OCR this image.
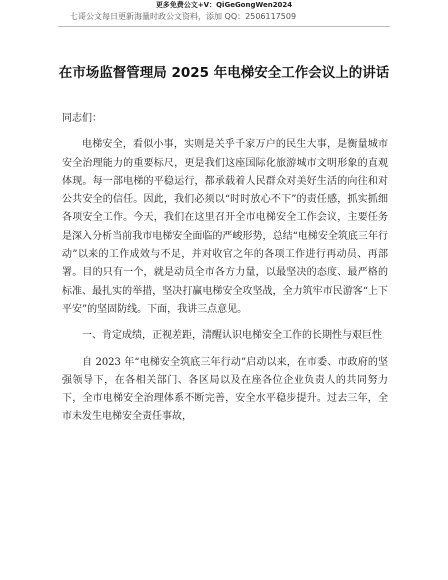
更多免费公文+V：QiGeGongWen2024
七哥公文每日更新海量时政公文资料，添加 QQ：2506117509
在市场监督管理局 2025 年电梯安全工作会议上的讲话

同志们：

电梯安全，看似小事，实则是关乎千家万户的民生大事，是衡量城市安全治理能力的重要标尺，更是我们这座国际化旅游城市文明形象的直观体现。每一部电梯的平稳运行，都承载着人民群众对美好生活的向往和对公共安全的信任。因此，我们必须以“时时放心不下”的责任感，抓实抓细各项安全工作。今天，我们在这里召开全市电梯安全工作会议，主要任务是深入分析当前我市电梯安全面临的严峻形势，总结“电梯安全筑底三年行动”以来的工作成效与不足，并对收官之年的各项工作进行再动员、再部署。目的只有一个，就是动员全市各方力量，以最坚决的态度、最严格的标准、最扎实的举措，坚决打赢电梯安全攻坚战，全力筑牢市民游客“上下平安”的坚固防线。下面，我讲三点意见。

一、肯定成绩，正视差距，清醒认识电梯安全工作的长期性与艰巨性

自 2023 年“电梯安全筑底三年行动”启动以来，在市委、市政府的坚强领导下，在各相关部门、各区局以及在座各位企业负责人的共同努力下，全市电梯安全治理体系不断完善，安全水平稳步提升。过去三年，全市未发生电梯安全责任事故，
